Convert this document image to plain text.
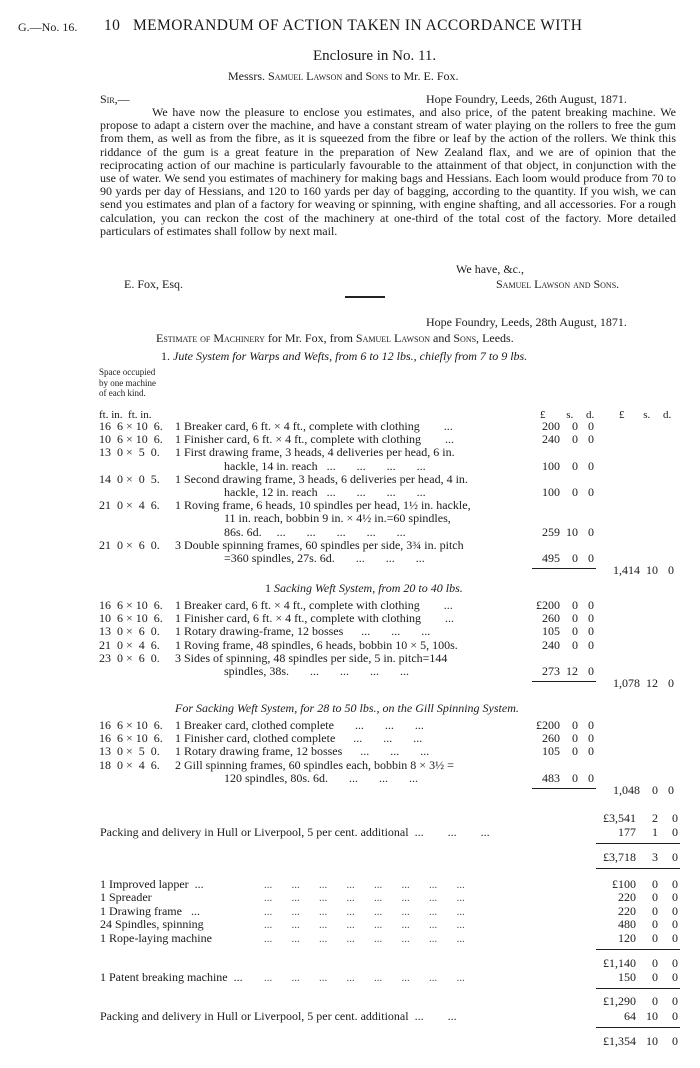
G.—No. 16. 10 MEMORANDUM OF ACTION TAKEN IN ACCORDANCE WITH
Enclosure in No. 11.
Messrs. Samuel Lawson and Sons to Mr. E. Fox.
Sir,—	Hope Foundry, Leeds, 26th August, 1871.
We have now the pleasure to enclose you estimates, and also price, of the patent breaking machine. We propose to adapt a cistern over the machine, and have a constant stream of water playing on the rollers to free the gum from them, as well as from the fibre, as it is squeezed from the fibre or leaf by the action of the rollers. We think this riddance of the gum is a great feature in the preparation of New Zealand flax, and we are of opinion that the reciprocating action of our machine is particularly favourable to the attainment of that object, in conjunction with the use of water. We send you estimates of machinery for making bags and Hessians. Each loom would produce from 70 to 90 yards per day of Hessians, and 120 to 160 yards per day of bagging, according to the quantity. If you wish, we can send you estimates and plan of a factory for weaving or spinning, with engine shafting, and all accessories. For a rough calculation, you can reckon the cost of the machinery at one-third of the total cost of the factory. More detailed particulars of estimates shall follow by next mail.
We have, &c.,
E. Fox, Esq.	Samuel Lawson and Sons.
Hope Foundry, Leeds, 28th August, 1871.
Estimate of Machinery for Mr. Fox, from Samuel Lawson and Sons, Leeds.
1. Jute System for Warps and Wefts, from 6 to 12 lbs., chiefly from 7 to 9 lbs.
Space occupied
by one machine
of each kind.
ft. in.  ft. in.	£ s. d. £ s. d.
16  6 × 10  6. 1 Breaker card, 6 ft. × 4 ft., complete with clothing        ...	200	0 0
10  6 × 10  6. 1 Finisher card, 6 ft. × 4 ft., complete with clothing        ...	240	0 0
13  0 ×  5  0. 1 First drawing frame, 3 heads, 4 deliveries per head, 6 in.
hackle, 14 in. reach   ...       ...       ...       ...	100	0 0
14  0 ×  0  5. 1 Second drawing frame, 3 heads, 6 deliveries per head, 4 in.
hackle, 12 in. reach   ...       ...       ...       ...	100	0 0
21  0 ×  4  6. 1 Roving frame, 6 heads, 10 spindles per head, 1½ in. hackle,
11 in. reach, bobbin 9 in. × 4½ in.=60 spindles,
86s. 6d.     ...       ...       ...       ...       ...	259 10 0
21  0 ×  6  0. 3 Double spinning frames, 60 spindles per side, 3¾ in. pitch
=360 spindles, 27s. 6d.       ...       ...       ...	495	0 0
1,414 10 0
1 Sacking Weft System, from 20 to 40 lbs.
16  6 × 10  6. 1 Breaker card, 6 ft. × 4 ft., complete with clothing        ...	£200	0 0
10  6 × 10  6. 1 Finisher card, 6 ft. × 4 ft., complete with clothing        ...	260	0 0
13  0 ×  6  0. 1 Rotary drawing-frame, 12 bosses      ...       ...       ...	105	0 0
21  0 ×  4  6. 1 Roving frame, 48 spindles, 6 heads, bobbin 10 × 5, 100s.	240	0 0
23  0 ×  6  0. 3 Sides of spinning, 48 spindles per side, 5 in. pitch=144
spindles, 38s.       ...       ...       ...       ...	273 12 0
1,078 12 0
For Sacking Weft System, for 28 to 50 lbs., on the Gill Spinning System.
16  6 × 10  6. 1 Breaker card, clothed complete       ...       ...       ...	£200	0 0
16  6 × 10  6. 1 Finisher card, clothed complete      ...       ...       ...	260	0 0
13  0 ×  5  0. 1 Rotary drawing frame, 12 bosses      ...       ...       ...	105	0 0
18  0 ×  4  6. 2 Gill spinning frames, 60 spindles each, bobbin 8 × 3½ =
120 spindles, 80s. 6d.       ...       ...       ...	483	0 0
1,048	0 0
£3,541	2	0
Packing and delivery in Hull or Liverpool, 5 per cent. additional  ...        ...        ...	177	1	0
£3,718	3	0
1 Improved lapper  ...	...       ...       ...       ...       ...       ...       ...       ...	£100	0	0
1 Spreader	...       ...       ...       ...       ...       ...       ...       ...	220	0	0
1 Drawing frame   ...	...       ...       ...       ...       ...       ...       ...       ...	220	0	0
24 Spindles, spinning	...       ...       ...       ...       ...       ...       ...       ...	480	0	0
1 Rope-laying machine	...       ...       ...       ...       ...       ...       ...       ...	120	0	0
£1,140	0	0
1 Patent breaking machine  ... ...       ...       ...       ...       ...       ...       ...       ...	150	0	0
£1,290	0	0
Packing and delivery in Hull or Liverpool, 5 per cent. additional  ...        ...	64 10	0
£1,354 10	0
